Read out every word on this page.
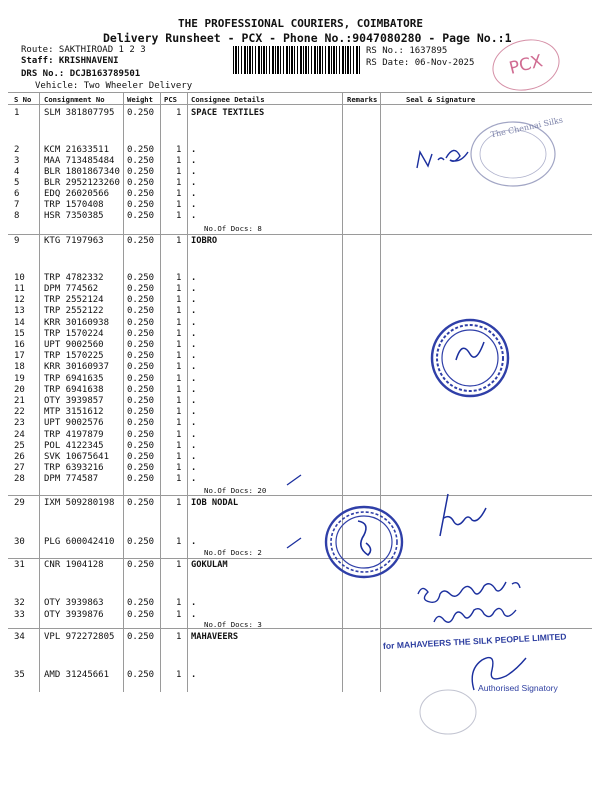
THE PROFESSIONAL COURIERS, COIMBATORE
Delivery Runsheet - PCX - Phone No.:9047080280 - Page No.:1
Route: SAKTHIROAD 1 2 3
Staff: KRISHNAVENI
DRS No.: DCJB163789501
Vehicle: Two Wheeler Delivery
RS No.: 1637895
RS Date: 06-Nov-2025	PCX
S No Consignment No	Weight PCS Consignee Details	Remarks	Seal & Signature
1	SLM 381807795 0.250 1 SPACE TEXTILES
2	KCM 21633511 0.250 1 .
3	MAA 713485484 0.250 1 .
4	BLR 1801867340 0.250 1 .
5	BLR 2952123260 0.250 1 .
6	EDQ 26020566 0.250 1 .
7	TRP 1570408	0.250 1 .
8	HSR 7350385	0.250 1 .
9	KTG 7197963	0.250 1 IOBRO
10 TRP 4782332	0.250 1 .
11 DPM 774562	0.250 1 .
12 TRP 2552124	0.250 1 .
13 TRP 2552122	0.250 1 .
14 KRR 30160938 0.250 1 .
15 TRP 1570224	0.250 1 .
16 UPT 9002560	0.250 1 .
17 TRP 1570225	0.250 1 .
18 KRR 30160937 0.250 1 .
19 TRP 6941635	0.250 1 .
20 TRP 6941638	0.250 1 .
21 OTY 3939857	0.250 1 .
22 MTP 3151612	0.250 1 .
23 UPT 9002576	0.250 1 .
24 TRP 4197879	0.250 1 .
25 POL 4122345	0.250 1 .
26 SVK 10675641 0.250 1 .
27 TRP 6393216	0.250 1 .
28 DPM 774587	0.250 1 .
29 IXM 509280198 0.250 1 IOB NODAL
30 PLG 600042410 0.250 1 .
31 CNR 1904128	0.250 1 GOKULAM
32 OTY 3939863	0.250 1 .
33 OTY 3939876	0.250 1 .
34 VPL 972272805 0.250 1 MAHAVEERS
35 AMD 31245661 0.250 1 .
No.Of Docs: 8
No.Of Docs: 20
No.Of Docs: 2
No.Of Docs: 3
The Chennai Silks
for MAHAVEERS THE SILK PEOPLE LIMITED
Authorised Signatory
